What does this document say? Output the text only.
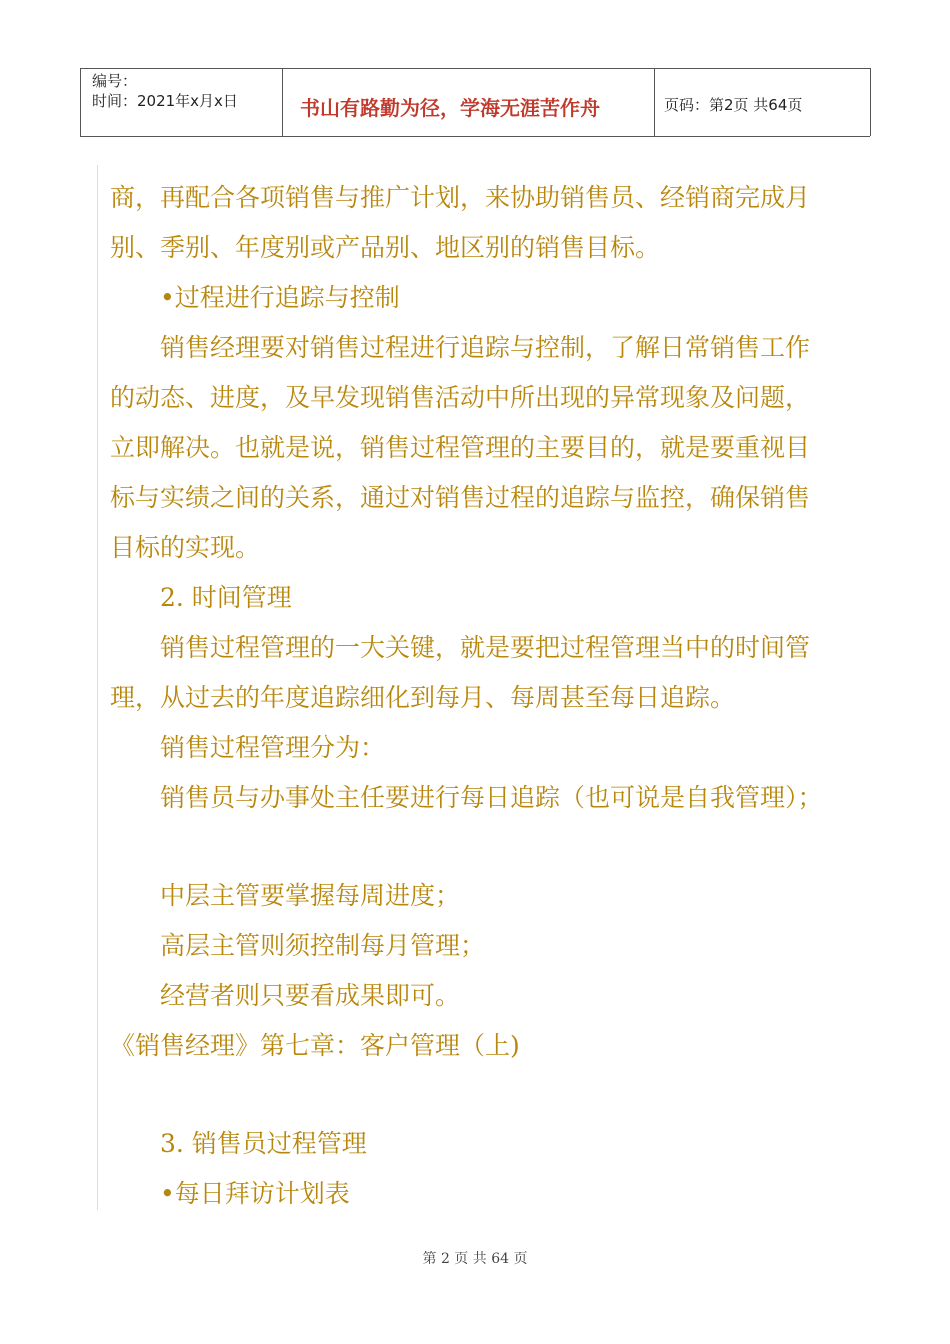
编号：
时间：2021年x月x日	书山有路勤为径，学海无涯苦作舟	页码：第2页 共64页
商，再配合各项销售与推广计划，来协助销售员、经销商完成月
别、季别、年度别或产品别、地区别的销售目标。
•过程进行追踪与控制
销售经理要对销售过程进行追踪与控制，了解日常销售工作
的动态、进度，及早发现销售活动中所出现的异常现象及问题，
立即解决。也就是说，销售过程管理的主要目的，就是要重视目
标与实绩之间的关系，通过对销售过程的追踪与监控，确保销售
目标的实现。
2. 时间管理
销售过程管理的一大关键，就是要把过程管理当中的时间管
理，从过去的年度追踪细化到每月、每周甚至每日追踪。
销售过程管理分为：
销售员与办事处主任要进行每日追踪（也可说是自我管理）；
中层主管要掌握每周进度；
高层主管则须控制每月管理；
经营者则只要看成果即可。
《销售经理》第七章：客户管理（上)
3. 销售员过程管理
•每日拜访计划表
第 2 页 共 64 页
